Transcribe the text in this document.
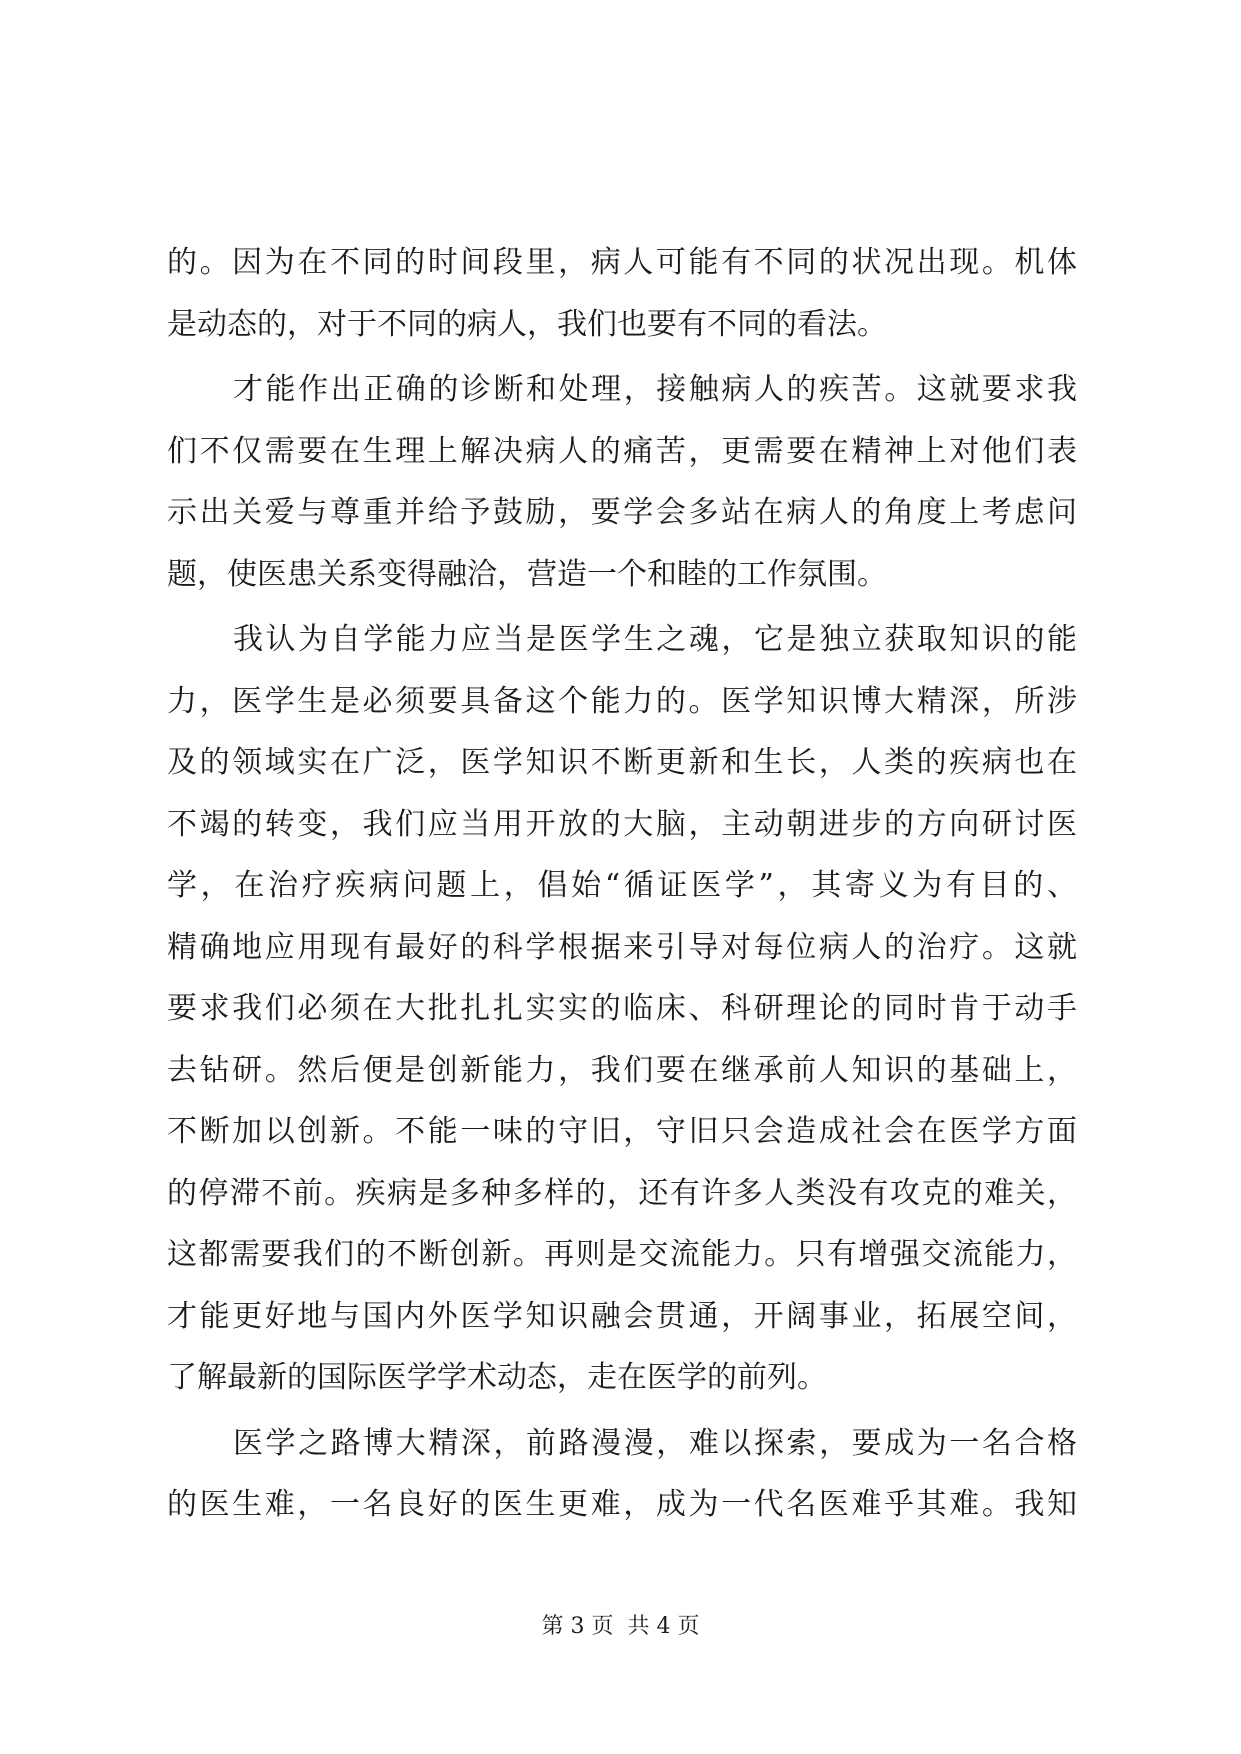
的。因为在不同的时间段里，病人可能有不同的状况出现。机体
是动态的，对于不同的病人，我们也要有不同的看法。
才能作出正确的诊断和处理，接触病人的疾苦。这就要求我
们不仅需要在生理上解决病人的痛苦，更需要在精神上对他们表
示出关爱与尊重并给予鼓励，要学会多站在病人的角度上考虑问
题，使医患关系变得融洽，营造一个和睦的工作氛围。
我认为自学能力应当是医学生之魂，它是独立获取知识的能
力，医学生是必须要具备这个能力的。医学知识博大精深，所涉
及的领域实在广泛，医学知识不断更新和生长，人类的疾病也在
不竭的转变，我们应当用开放的大脑，主动朝进步的方向研讨医
学，在治疗疾病问题上，倡始“循证医学”，其寄义为有目的、
精确地应用现有最好的科学根据来引导对每位病人的治疗。这就
要求我们必须在大批扎扎实实的临床、科研理论的同时肯于动手
去钻研。然后便是创新能力，我们要在继承前人知识的基础上，
不断加以创新。不能一味的守旧，守旧只会造成社会在医学方面
的停滞不前。疾病是多种多样的，还有许多人类没有攻克的难关，
这都需要我们的不断创新。再则是交流能力。只有增强交流能力，
才能更好地与国内外医学知识融会贯通，开阔事业，拓展空间，
了解最新的国际医学学术动态，走在医学的前列。
医学之路博大精深，前路漫漫，难以探索，要成为一名合格
的医生难，一名良好的医生更难，成为一代名医难乎其难。我知
第 3 页  共 4 页
